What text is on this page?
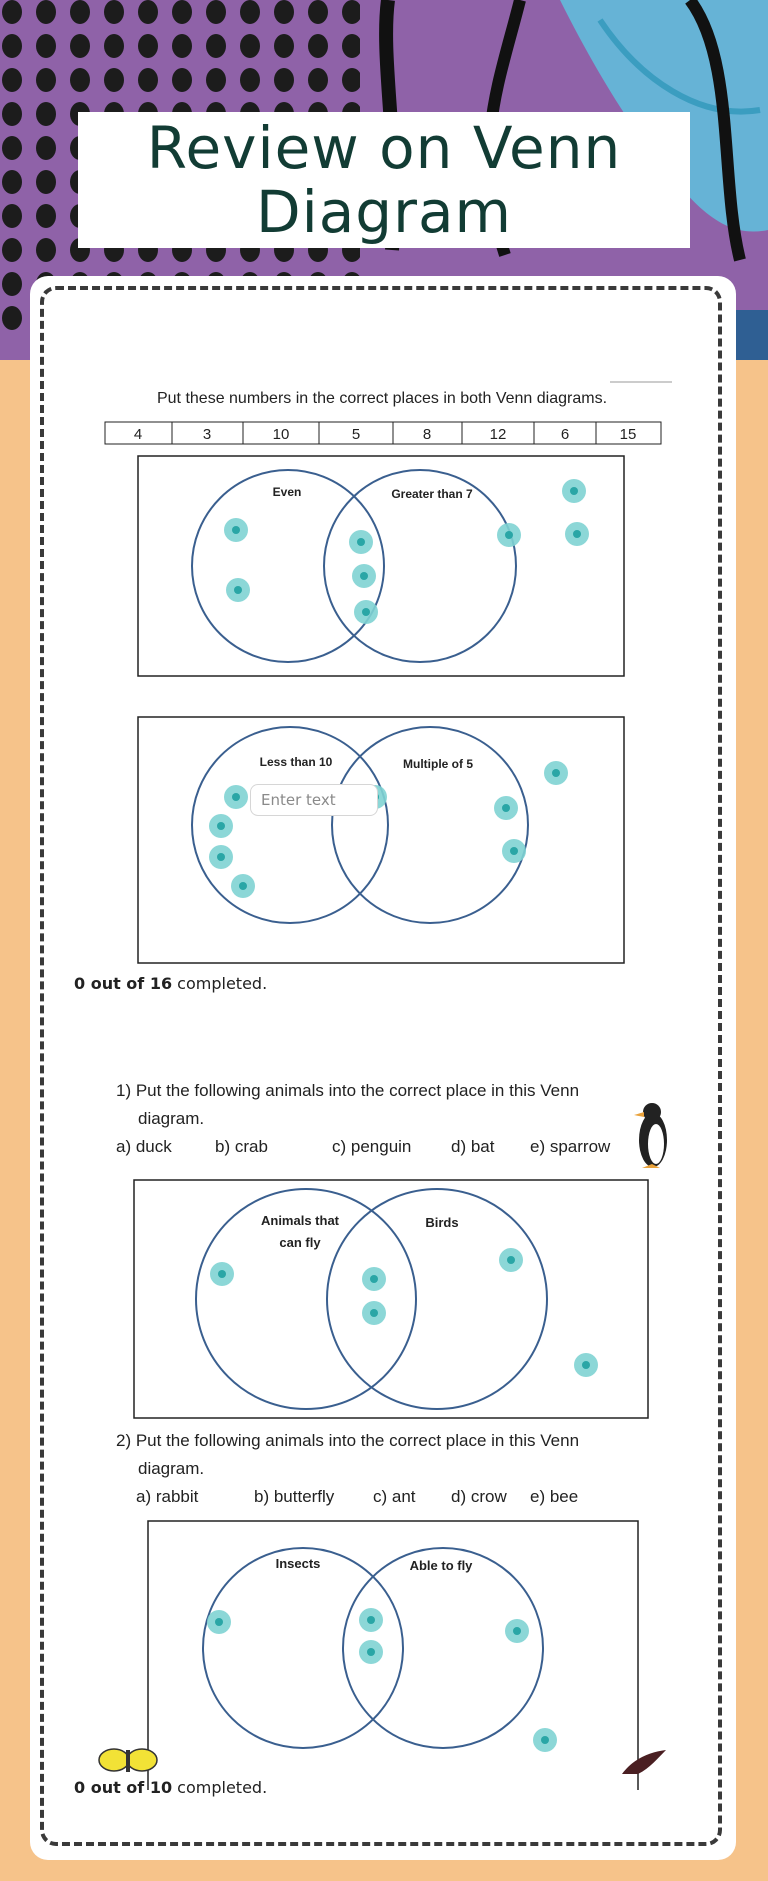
Review on Venn
Diagram
Put these numbers in the correct places in both Venn diagrams.
4	3	10	5	8	12	6	15
Even	Greater than 7
Less than 10	Multiple of 5
Enter text
0 out of 16 completed.
1) Put the following animals into the correct place in this Venn
diagram.
a) duck	b) crab	c) penguin d) bat e) sparrow
Animals that
can fly
Birds
2) Put the following animals into the correct place in this Venn
diagram.
a) rabbit	b) butterfly c) ant d) crow e) bee
Insects	Able to fly
0 out of 10 completed.
